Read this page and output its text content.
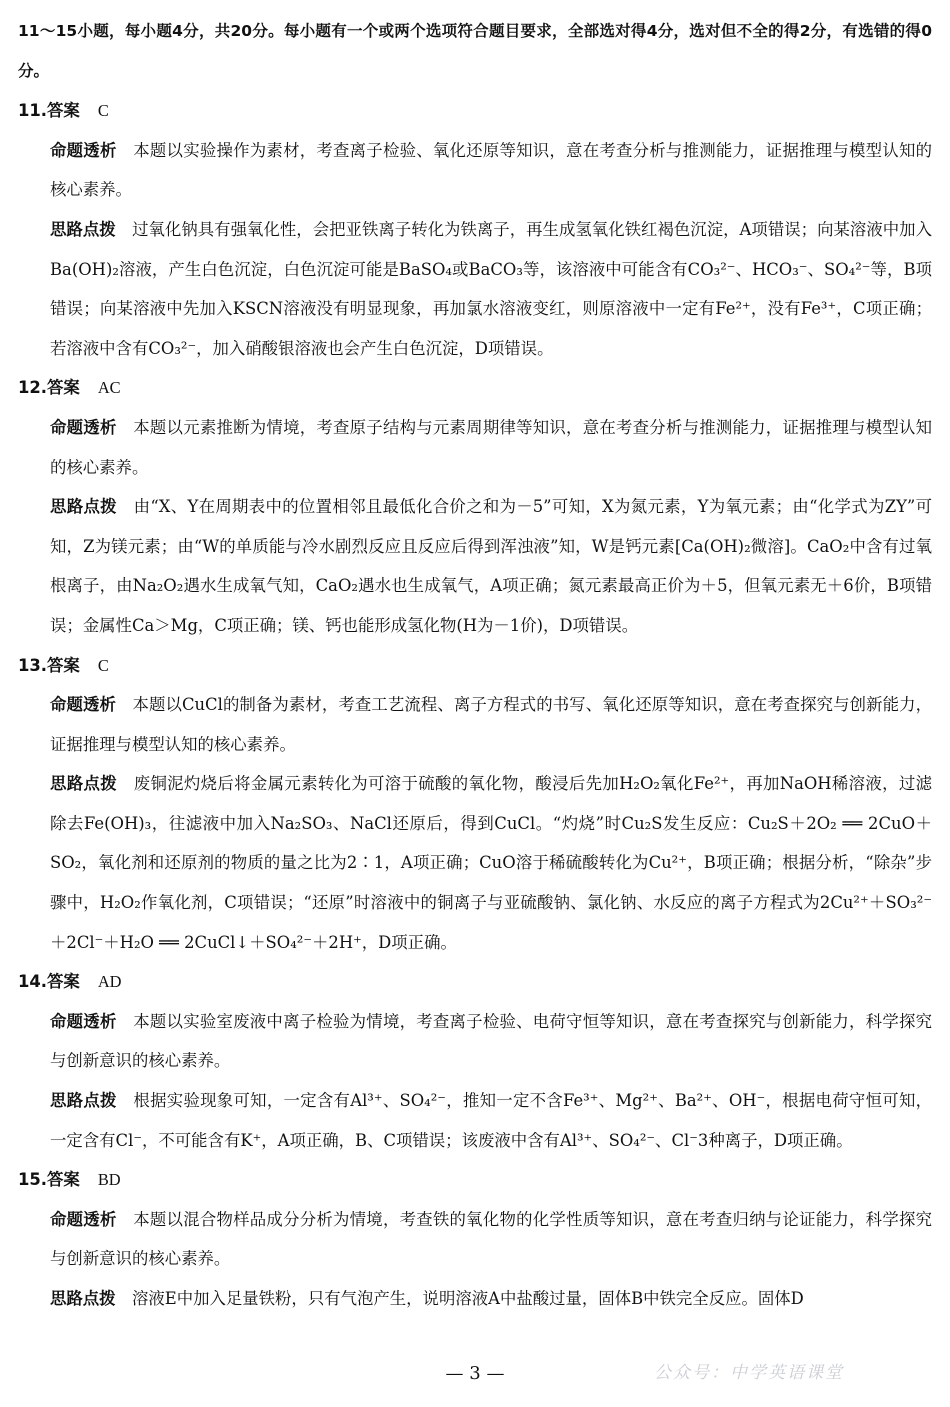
11～15小题，每小题4分，共20分。每小题有一个或两个选项符合题目要求，全部选对得4分，选对但不全的得2分，有选错的得0分。

11.答案 C

命题透析　 本题以实验操作为素材，考查离子检验、氧化还原等知识，意在考查分析与推测能力，证据推理与模型认知的核心素养。

思路点拨　 过氧化钠具有强氧化性，会把亚铁离子转化为铁离子，再生成氢氧化铁红褐色沉淀，A项错误；向某溶液中加入Ba(OH)₂溶液，产生白色沉淀，白色沉淀可能是BaSO₄或BaCO₃等，该溶液中可能含有CO₃²⁻、HCO₃⁻、SO₄²⁻等，B项错误；向某溶液中先加入KSCN溶液没有明显现象，再加氯水溶液变红，则原溶液中一定有Fe²⁺，没有Fe³⁺，C项正确；若溶液中含有CO₃²⁻，加入硝酸银溶液也会产生白色沉淀，D项错误。

12.答案 AC

命题透析　 本题以元素推断为情境，考查原子结构与元素周期律等知识，意在考查分析与推测能力，证据推理与模型认知的核心素养。

思路点拨　 由“X、Y在周期表中的位置相邻且最低化合价之和为－5”可知，X为氮元素，Y为氧元素；由“化学式为ZY”可知，Z为镁元素；由“W的单质能与冷水剧烈反应且反应后得到浑浊液”知，W是钙元素[Ca(OH)₂微溶]。CaO₂中含有过氧根离子，由Na₂O₂遇水生成氧气知，CaO₂遇水也生成氧气，A项正确；氮元素最高正价为＋5，但氧元素无＋6价，B项错误；金属性Ca＞Mg，C项正确；镁、钙也能形成氢化物(H为－1价)，D项错误。

13.答案 C

命题透析　 本题以CuCl的制备为素材，考查工艺流程、离子方程式的书写、氧化还原等知识，意在考查探究与创新能力，证据推理与模型认知的核心素养。

思路点拨　 废铜泥灼烧后将金属元素转化为可溶于硫酸的氧化物，酸浸后先加H₂O₂氧化Fe²⁺，再加NaOH稀溶液，过滤除去Fe(OH)₃，往滤液中加入Na₂SO₃、NaCl还原后，得到CuCl。“灼烧”时Cu₂S发生反应：Cu₂S＋2O₂ ══ 2CuO＋SO₂，氧化剂和还原剂的物质的量之比为2∶1，A项正确；CuO溶于稀硫酸转化为Cu²⁺，B项正确；根据分析，“除杂”步骤中，H₂O₂作氧化剂，C项错误；“还原”时溶液中的铜离子与亚硫酸钠、氯化钠、水反应的离子方程式为2Cu²⁺＋SO₃²⁻＋2Cl⁻＋H₂O ══ 2CuCl↓＋SO₄²⁻＋2H⁺，D项正确。

14.答案 AD

命题透析　 本题以实验室废液中离子检验为情境，考查离子检验、电荷守恒等知识，意在考查探究与创新能力，科学探究与创新意识的核心素养。

思路点拨　 根据实验现象可知，一定含有Al³⁺、SO₄²⁻，推知一定不含Fe³⁺、Mg²⁺、Ba²⁺、OH⁻，根据电荷守恒可知，一定含有Cl⁻，不可能含有K⁺，A项正确，B、C项错误；该废液中含有Al³⁺、SO₄²⁻、Cl⁻3种离子，D项正确。

15.答案 BD

命题透析　 本题以混合物样品成分分析为情境，考查铁的氧化物的化学性质等知识，意在考查归纳与论证能力，科学探究与创新意识的核心素养。

思路点拨　 溶液E中加入足量铁粉，只有气泡产生，说明溶液A中盐酸过量，固体B中铁完全反应。固体D

— 3 —	公众号：中学英语课堂
